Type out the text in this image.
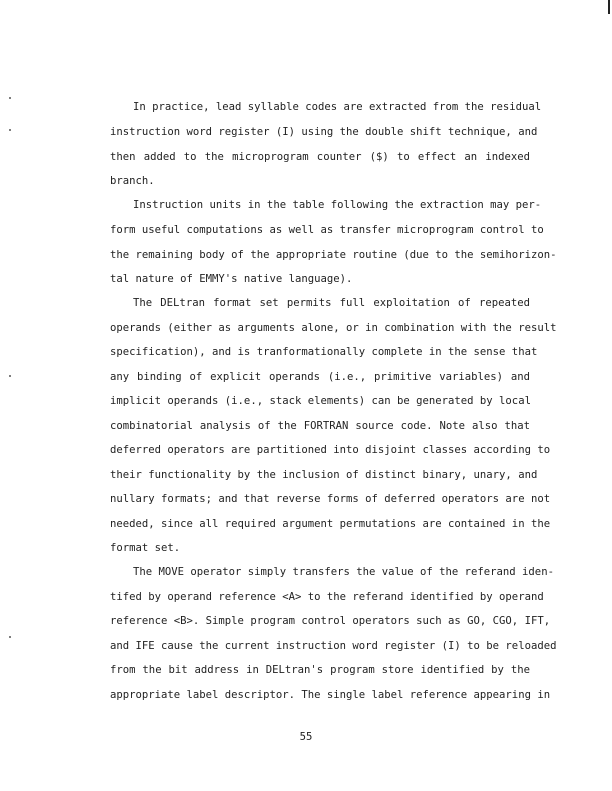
In practice, lead syllable codes are extracted from the residual
instruction word register (I) using the double shift technique, and
then added to the microprogram counter ($) to effect an indexed
branch.
Instruction units in the table following the extraction may per-
form useful computations as well as transfer microprogram control to
the remaining body of the appropriate routine (due to the semihorizon-
tal nature of EMMY's native language).
The DELtran format set permits full exploitation of repeated
operands (either as arguments alone, or in combination with the result
specification), and is tranformationally complete in the sense that
any binding of explicit operands (i.e., primitive variables) and
implicit operands (i.e., stack elements) can be generated by local
combinatorial analysis of the FORTRAN source code. Note also that
deferred operators are partitioned into disjoint classes according to
their functionality by the inclusion of distinct binary, unary, and
nullary formats; and that reverse forms of deferred operators are not
needed, since all required argument permutations are contained in the
format set.
The MOVE operator simply transfers the value of the referand iden-
tifed by operand reference <A> to the referand identified by operand
reference <B>. Simple program control operators such as GO, CGO, IFT,
and IFE cause the current instruction word register (I) to be reloaded
from the bit address in DELtran's program store identified by the
appropriate label descriptor. The single label reference appearing in
55
